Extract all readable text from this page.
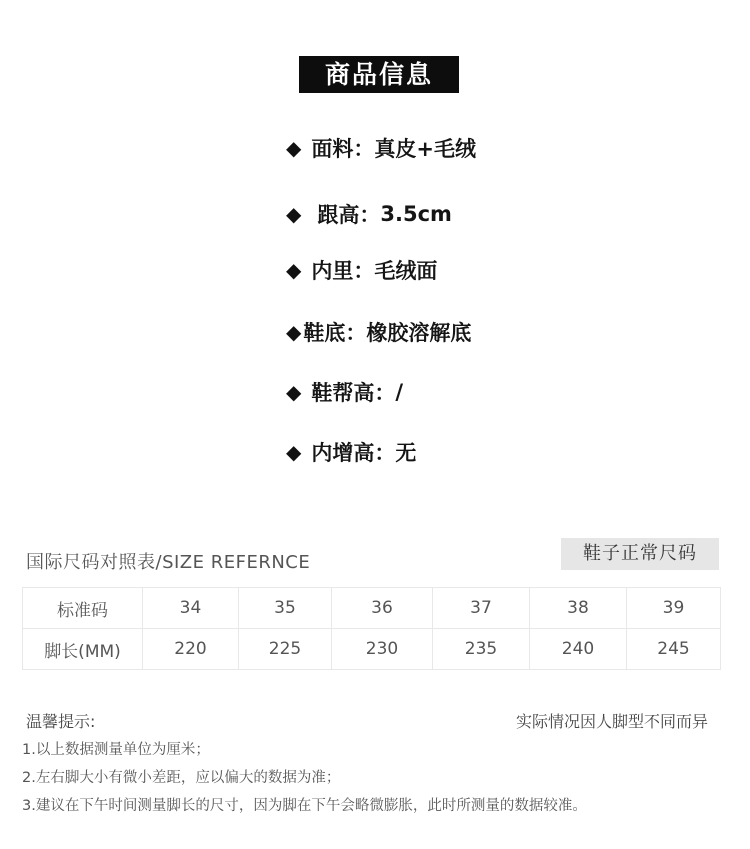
商品信息
◆ 面料： 真皮+毛绒
◆ 跟高： 3.5cm
◆ 内里： 毛绒面
◆ 鞋底： 橡胶溶解底
◆ 鞋帮高： /
◆ 内增高： 无
国际尺码对照表/SIZE REFERNCE	鞋子正常尺码
标准码	34	35	36	37	38	39
脚长(MM)	220	225	230	235	240	245
温馨提示:	实际情况因人脚型不同而异
1.以上数据测量单位为厘米；
2.左右脚大小有微小差距，应以偏大的数据为准；
3.建议在下午时间测量脚长的尺寸，因为脚在下午会略微膨胀，此时所测量的数据较准。
